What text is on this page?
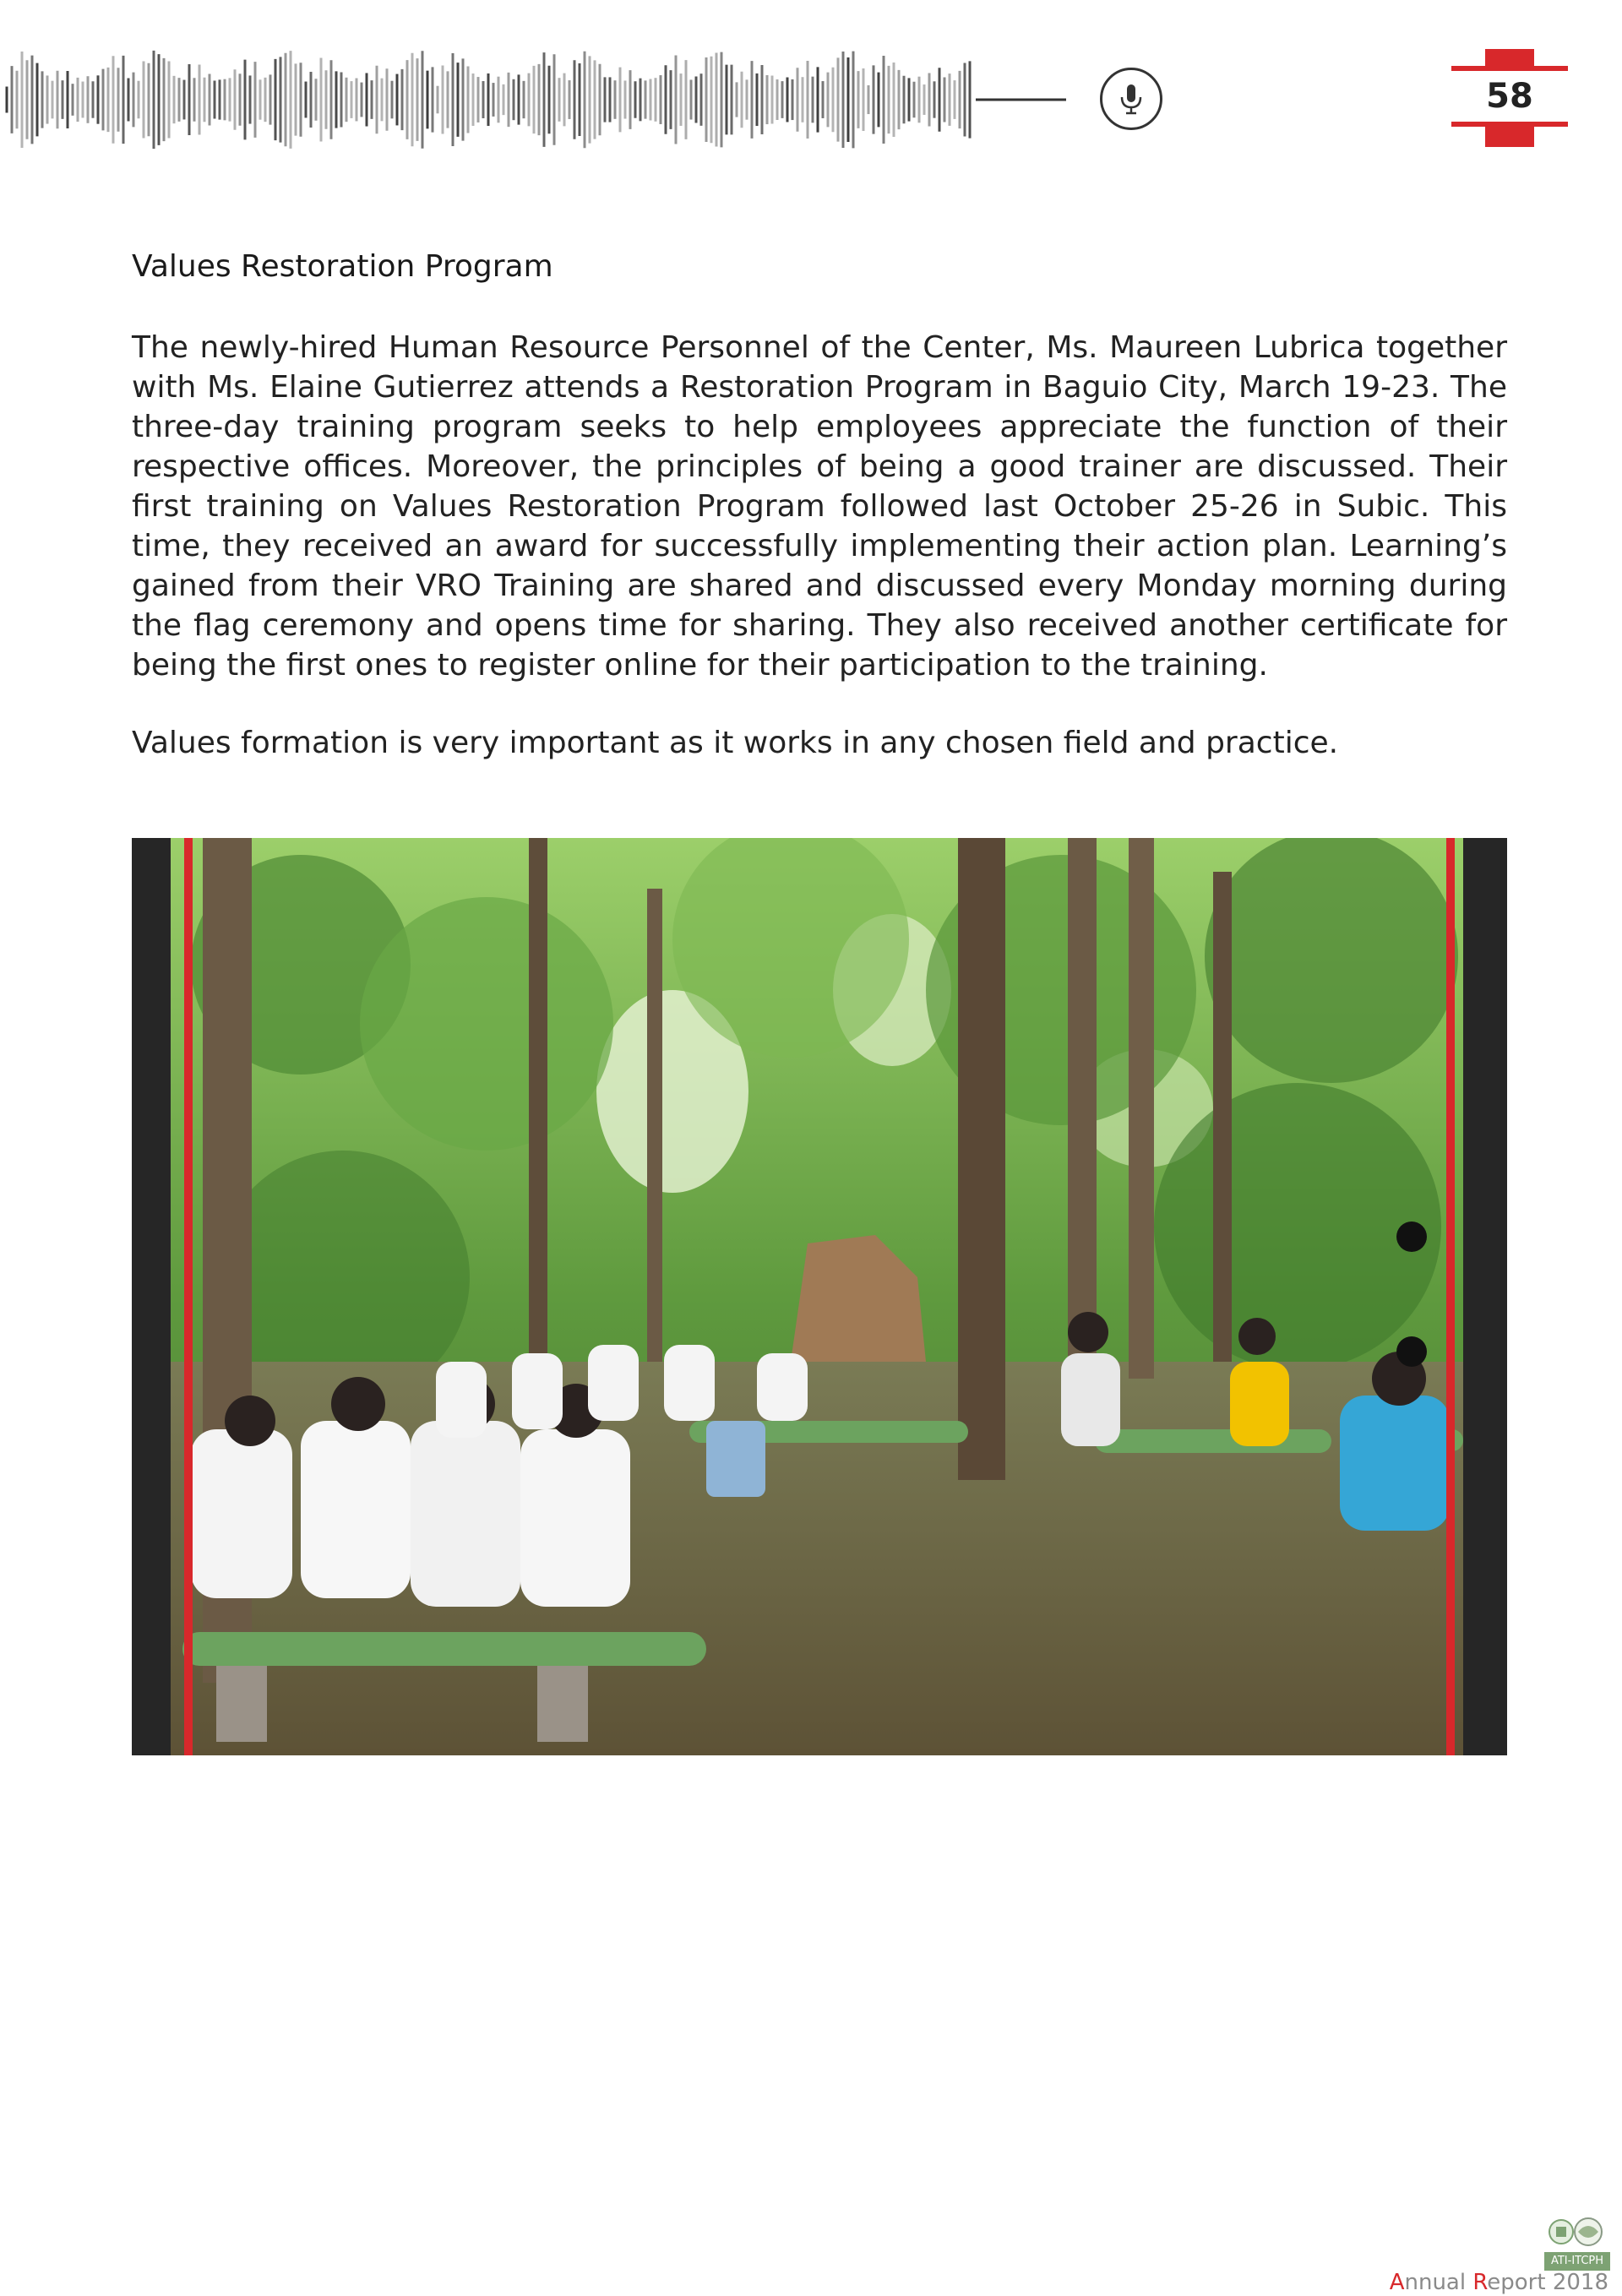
58
Values Restoration Program

The newly-hired Human Resource Personnel of the Center, Ms. Maureen Lubrica together with Ms. Elaine Gutierrez attends a Restoration Program in Baguio City, March 19-23. The three-day training program seeks to help employees appreciate the function of their respective offices. Moreover, the principles of being a good trainer are discussed. Their first training on Values Restoration Program followed last October 25-26 in Subic. This time, they received an award for successfully implementing their action plan. Learning’s gained from their VRO Training are shared and discussed every Monday morning during the flag ceremony and opens time for sharing. They also received another certificate for being the first ones to register online for their participation to the training.

Values formation is very important as it works in any chosen field and practice.

ATI-ITCPH
Annual Report 2018
